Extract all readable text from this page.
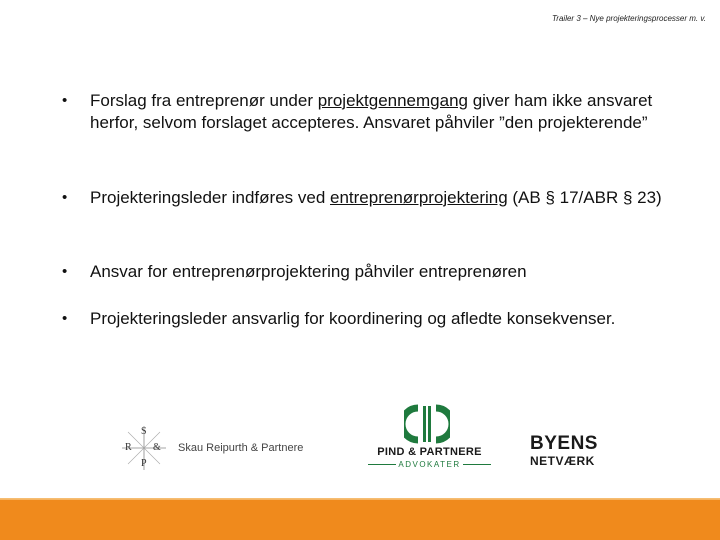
Trailer 3 – Nye projekteringsprocesser m. v.
•	Forslag fra entreprenør under projektgennemgang giver ham ikke ansvaret herfor, selvom forslaget accepteres. Ansvaret påhviler ”den projekterende”
•	Projekteringsleder indføres ved entreprenørprojektering (AB § 17/ABR § 23)
•	Ansvar for entreprenørprojektering påhviler entreprenøren
•	Projekteringsleder ansvarlig for koordinering og afledte konsekvenser.
S
R &
P
Skau Reipurth & Partnere	PIND & PARTNERE
ADVOKATER
BYENS
NETVÆRK
